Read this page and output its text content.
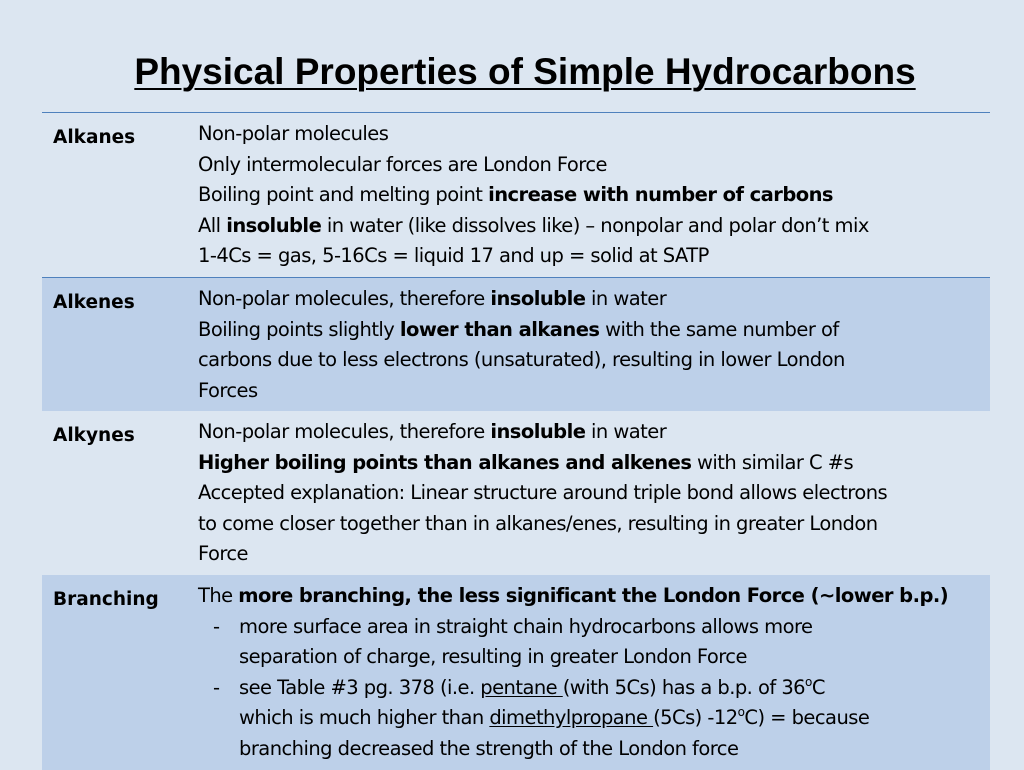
Physical Properties of Simple Hydrocarbons
Alkanes	Non-polar molecules
Only intermolecular forces are London Force
Boiling point and melting point increase with number of carbons
All insoluble in water (like dissolves like) – nonpolar and polar don’t mix
1-4Cs = gas, 5-16Cs = liquid 17 and up = solid at SATP
Alkenes	Non-polar molecules, therefore insoluble in water
Boiling points slightly lower than alkanes with the same number of
carbons due to less electrons (unsaturated), resulting in lower London
Forces
Alkynes	Non-polar molecules, therefore insoluble in water
Higher boiling points than alkanes and alkenes with similar C #s
Accepted explanation: Linear structure around triple bond allows electrons
to come closer together than in alkanes/enes, resulting in greater London
Force
Branching	The more branching, the less significant the London Force (~lower b.p.)
- more surface area in straight chain hydrocarbons allows more
separation of charge, resulting in greater London Force
- see Table #3 pg. 378 (i.e. pentane (with 5Cs) has a b.p. of 36$^o$C
which is much higher than dimethylpropane (5Cs) $-12^oC$) = because
branching decreased the strength of the London force
